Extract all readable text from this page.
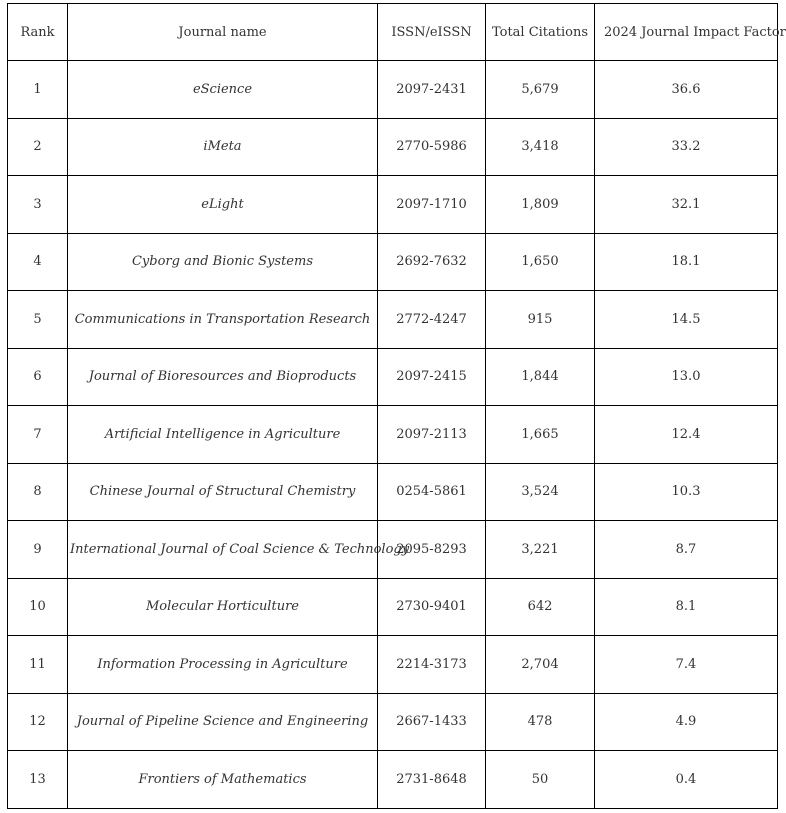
Rank	Journal name	ISSN/eISSN	Total Citations	2024 Journal Impact Factor
1	eScience	2097-2431	5,679	36.6
2	iMeta	2770-5986	3,418	33.2
3	eLight	2097-1710	1,809	32.1
4	Cyborg and Bionic Systems	2692-7632	1,650	18.1
5	Communications in Transportation Research	2772-4247	915	14.5
6	Journal of Bioresources and Bioproducts	2097-2415	1,844	13.0
7	Artificial Intelligence in Agriculture	2097-2113	1,665	12.4
8	Chinese Journal of Structural Chemistry	0254-5861	3,524	10.3
9	International Journal of Coal Science & Technology	2095-8293	3,221	8.7
10	Molecular Horticulture	2730-9401	642	8.1
11	Information Processing in Agriculture	2214-3173	2,704	7.4
12	Journal of Pipeline Science and Engineering	2667-1433	478	4.9
13	Frontiers of Mathematics	2731-8648	50	0.4
